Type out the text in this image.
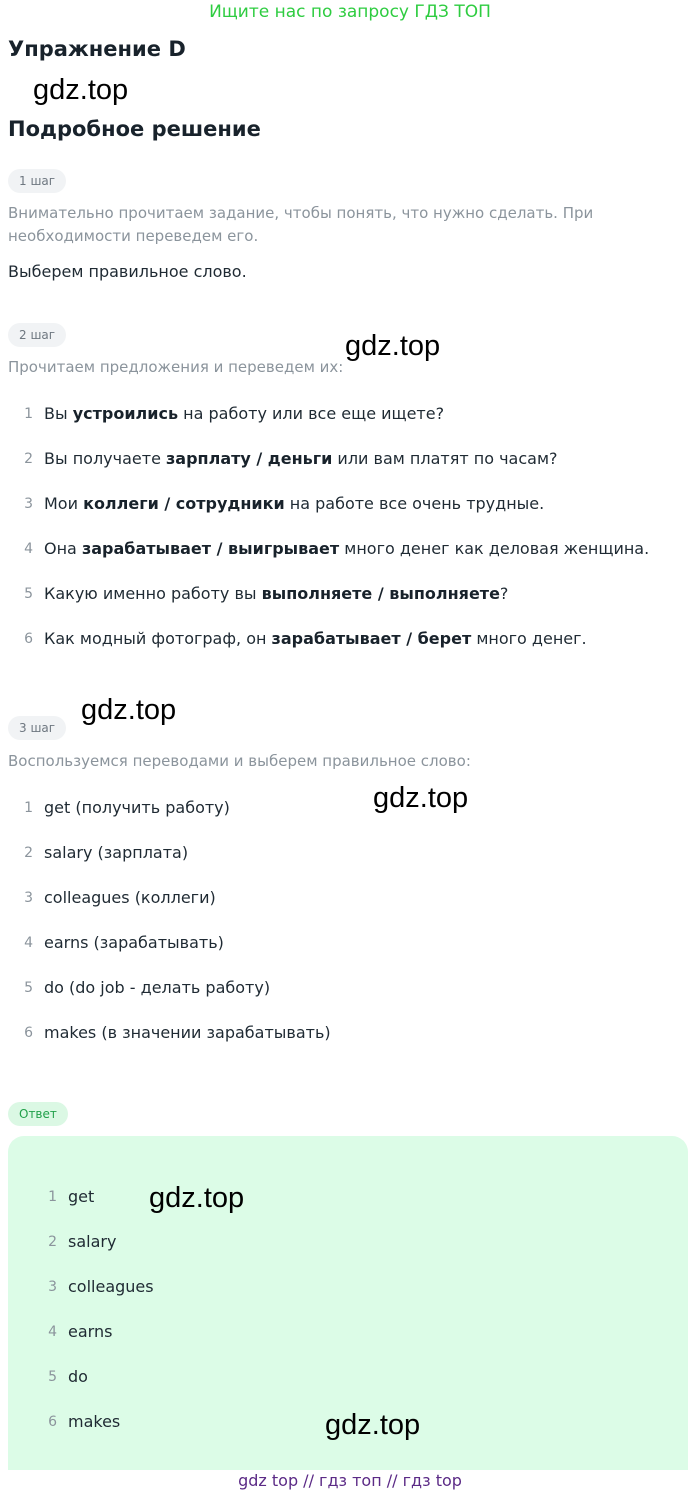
Ищите нас по запросу ГДЗ ТОП
Упражнение D
gdz.top
Подробное решение
1 шаг
Внимательно прочитаем задание, чтобы понять, что нужно сделать. При необходимости переведем его.
Выберем правильное слово.
2 шаг
Прочитаем предложения и переведем их:
gdz.top
1 Вы устроились на работу или все еще ищете?
2 Вы получаете зарплату / деньги или вам платят по часам?
3 Мои коллеги / сотрудники на работе все очень трудные.
4 Она зарабатывает / выигрывает много денег как деловая женщина.
5 Какую именно работу вы выполняете / выполняете?
6 Как модный фотограф, он зарабатывает / берет много денег.
gdz.top
3 шаг
Воспользуемся переводами и выберем правильное слово:
gdz.top
1 get (получить работу)
2 salary (зарплата)
3 colleagues (коллеги)
4 earns (зарабатывать)
5 do (do job - делать работу)
6 makes (в значении зарабатывать)
Ответ
1 get
2 salary
3 colleagues
4 earns
5 do
6 makes
gdz.top
gdz.top
gdz top // гдз топ // гдз top
